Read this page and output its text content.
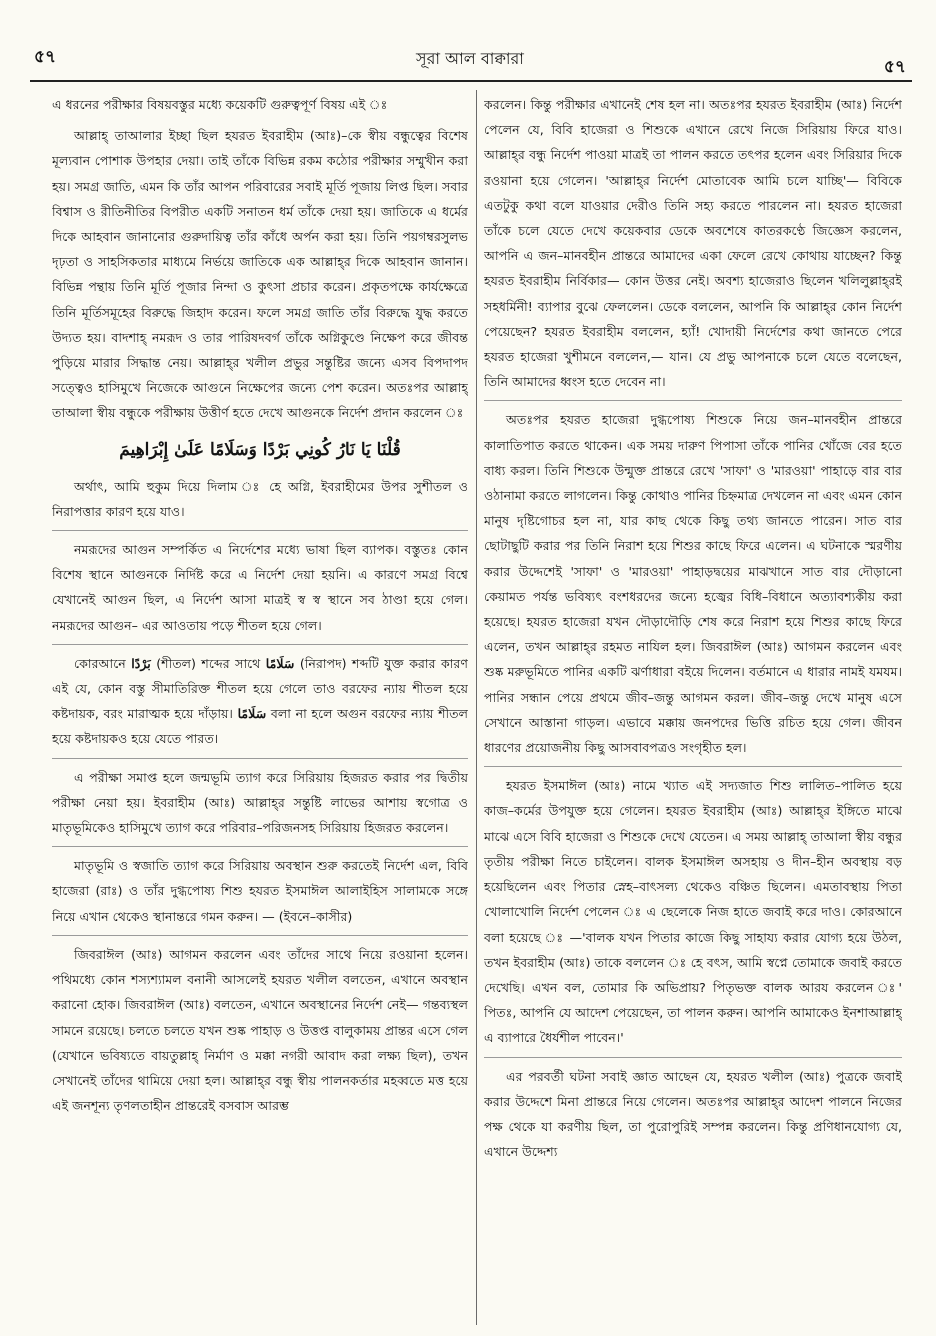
৫৭	সূরা আল বাক্বারা	৫৭

এ ধরনের পরীক্ষার বিষয়বস্তুর মধ্যে কয়েকটি গুরুত্বপূর্ণ বিষয় এই ঃ

আল্লাহ্‌ তাআলার ইচ্ছা ছিল হযরত ইবরাহীম (আঃ)–কে স্বীয় বন্ধুত্বের বিশেষ মূল্যবান পোশাক উপহার দেয়া। তাই তাঁকে বিভিন্ন রকম কঠোর পরীক্ষার সম্মুখীন করা হয়। সমগ্র জাতি, এমন কি তাঁর আপন পরিবারের সবাই মূর্তি পূজায় লিপ্ত ছিল। সবার বিশ্বাস ও রীতিনীতির বিপরীত একটি সনাতন ধর্ম তাঁকে দেয়া হয়। জাতিকে এ ধর্মের দিকে আহবান জানানোর গুরুদায়িত্ব তাঁর কাঁধে অর্পন করা হয়। তিনি পয়গম্বরসুলভ দৃঢ়তা ও সাহসিকতার মাধ্যমে নির্ভয়ে জাতিকে এক আল্লাহ্‌র দিকে আহবান জানান। বিভিন্ন পন্থায় তিনি মূর্তি পূজার নিন্দা ও কুৎসা প্রচার করেন। প্রকৃতপক্ষে কার্যক্ষেত্রে তিনি মূর্তিসমূহের বিরুদ্ধে জিহাদ করেন। ফলে সমগ্র জাতি তাঁর বিরুদ্ধে যুদ্ধ করতে উদ্যত হয়। বাদশাহ্‌ নমরূদ ও তার পারিষদবর্গ তাঁকে অগ্নিকুণ্ডে নিক্ষেপ করে জীবন্ত পুড়িয়ে মারার সিদ্ধান্ত নেয়। আল্লাহ্‌র খলীল প্রভুর সন্তুষ্টির জন্যে এসব বিপদাপদ সত্ত্বেও হাসিমুখে নিজেকে আগুনে নিক্ষেপের জন্যে পেশ করেন। অতঃপর আল্লাহ্‌ তাআলা স্বীয় বন্ধুকে পরীক্ষায় উত্তীর্ণ হতে দেখে আগুনকে নির্দেশ প্রদান করলেন ঃ

قُلْنَا يَا نَارُ كُونِي بَرْدًا وَسَلَامًا عَلَىٰ إِبْرَاهِيمَ

অর্থাৎ, আমি হুকুম দিয়ে দিলাম ঃ হে অগ্নি, ইবরাহীমের উপর সুশীতল ও নিরাপত্তার কারণ হয়ে যাও।

নমরূদের আগুন সম্পর্কিত এ নির্দেশের মধ্যে ভাষা ছিল ব্যাপক। বস্তুতঃ কোন বিশেষ স্থানে আগুনকে নির্দিষ্ট করে এ নির্দেশ দেয়া হয়নি। এ কারণে সমগ্র বিশ্বে যেখানেই আগুন ছিল, এ নির্দেশ আসা মাত্রই স্ব স্ব স্থানে সব ঠাণ্ডা হয়ে গেল। নমরূদের আগুন– এর আওতায় পড়ে শীতল হয়ে গেল।

কোরআনে بَرْدًا (শীতল) শব্দের সাথে سَلَامًا (নিরাপদ) শব্দটি যুক্ত করার কারণ এই যে, কোন বস্তু সীমাতিরিক্ত শীতল হয়ে গেলে তাও বরফের ন্যায় শীতল হয়ে কষ্টদায়ক, বরং মারাত্মক হয়ে দাঁড়ায়। سَلَامًا বলা না হলে অগুন বরফের ন্যায় শীতল হয়ে কষ্টদায়কও হয়ে যেতে পারত।

এ পরীক্ষা সমাপ্ত হলে জন্মভূমি ত্যাগ করে সিরিয়ায় হিজরত করার পর দ্বিতীয় পরীক্ষা নেয়া হয়। ইবরাহীম (আঃ) আল্লাহ্‌র সন্তুষ্টি লাভের আশায় স্বগোত্র ও মাতৃভূমিকেও হাসিমুখে ত্যাগ করে পরিবার–পরিজনসহ সিরিয়ায় হিজরত করলেন।

মাতৃভূমি ও স্বজাতি ত্যাগ করে সিরিয়ায় অবস্থান শুরু করতেই নির্দেশ এল, বিবি হাজেরা (রাঃ) ও তাঁর দুগ্ধপোষ্য শিশু হযরত ইসমাঈল আলাইহিস সালামকে সঙ্গে নিয়ে এখান থেকেও স্থানান্তরে গমন করুন। — (ইবনে–কাসীর)

জিবরাঈল (আঃ) আগমন করলেন এবং তাঁদের সাথে নিয়ে রওয়ানা হলেন। পথিমধ্যে কোন শস্যশ্যামল বনানী আসলেই হযরত খলীল বলতেন, এখানে অবস্থান করানো হোক। জিবরাঈল (আঃ) বলতেন, এখানে অবস্থানের নির্দেশ নেই— গন্তব্যস্থল সামনে রয়েছে। চলতে চলতে যখন শুষ্ক পাহাড় ও উত্তপ্ত বালুকাময় প্রান্তর এসে গেল (যেখানে ভবিষ্যতে বায়তুল্লাহ্‌ নির্মাণ ও মক্কা নগরী আবাদ করা লক্ষ্য ছিল), তখন সেখানেই তাঁদের থামিয়ে দেয়া হল। আল্লাহ্‌র বন্ধু স্বীয় পালনকর্তার মহব্বতে মত্ত হয়ে এই জনশূন্য তৃণলতাহীন প্রান্তরেই বসবাস আরম্ভ

করলেন। কিন্তু পরীক্ষার এখানেই শেষ হল না। অতঃপর হযরত ইবরাহীম (আঃ) নির্দেশ পেলেন যে, বিবি হাজেরা ও শিশুকে এখানে রেখে নিজে সিরিয়ায় ফিরে যাও। আল্লাহ্‌র বন্ধু নির্দেশ পাওয়া মাত্রই তা পালন করতে তৎপর হলেন এবং সিরিয়ার দিকে রওয়ানা হয়ে গেলেন। 'আল্লাহ্‌র নির্দেশ মোতাবেক আমি চলে যাচ্ছি'— বিবিকে এতটুকু কথা বলে যাওয়ার দেরীও তিনি সহ্য করতে পারলেন না। হযরত হাজেরা তাঁকে চলে যেতে দেখে কয়েকবার ডেকে অবশেষে কাতরকণ্ঠে জিজ্ঞেস করলেন, আপনি এ জন–মানবহীন প্রান্তরে আমাদের একা ফেলে রেখে কোথায় যাচ্ছেন? কিন্তু হযরত ইবরাহীম নির্বিকার— কোন উত্তর নেই। অবশ্য হাজেরাও ছিলেন খলিলুল্লাহ্‌রই সহধর্মিনী! ব্যাপার বুঝে ফেললেন। ডেকে বললেন, আপনি কি আল্লাহ্‌র কোন নির্দেশ পেয়েছেন? হযরত ইবরাহীম বললেন, হ্যাঁ! খোদায়ী নির্দেশের কথা জানতে পেরে হযরত হাজেরা খুশীমনে বললেন,— যান। যে প্রভু আপনাকে চলে যেতে বলেছেন, তিনি আমাদের ধ্বংস হতে দেবেন না।

অতঃপর হযরত হাজেরা দুগ্ধপোষ্য শিশুকে নিয়ে জন–মানবহীন প্রান্তরে কালাতিপাত করতে থাকেন। এক সময় দারুণ পিপাসা তাঁকে পানির খোঁজে বের হতে বাধ্য করল। তিনি শিশুকে উন্মুক্ত প্রান্তরে রেখে 'সাফা' ও 'মারওয়া' পাহাড়ে বার বার ওঠানামা করতে লাগলেন। কিন্তু কোথাও পানির চিহ্নমাত্র দেখলেন না এবং এমন কোন মানুষ দৃষ্টিগোচর হল না, যার কাছ থেকে কিছু তথ্য জানতে পারেন। সাত বার ছোটাছুটি করার পর তিনি নিরাশ হয়ে শিশুর কাছে ফিরে এলেন। এ ঘটনাকে স্মরণীয় করার উদ্দেশেই 'সাফা' ও 'মারওয়া' পাহাড়দ্বয়ের মাঝখানে সাত বার দৌড়ানো কেয়ামত পর্যন্ত ভবিষ্যৎ বংশধরদের জন্যে হজ্বের বিধি–বিধানে অত্যাবশ্যকীয় করা হয়েছে। হযরত হাজেরা যখন দৌড়াদৌড়ি শেষ করে নিরাশ হয়ে শিশুর কাছে ফিরে এলেন, তখন আল্লাহ্‌র রহমত নাযিল হল। জিবরাঈল (আঃ) আগমন করলেন এবং শুষ্ক মরুভূমিতে পানির একটি ঝর্ণাধারা বইয়ে দিলেন। বর্তমানে এ ধারার নামই যমযম। পানির সন্ধান পেয়ে প্রথমে জীব–জন্তু আগমন করল। জীব–জন্তু দেখে মানুষ এসে সেখানে আস্তানা গাড়ল। এভাবে মক্কায় জনপদের ভিত্তি রচিত হয়ে গেল। জীবন ধারণের প্রয়োজনীয় কিছু আসবাবপত্রও সংগৃহীত হল।

হযরত ইসমাঈল (আঃ) নামে খ্যাত এই সদ্যজাত শিশু লালিত–পালিত হয়ে কাজ–কর্মের উপযুক্ত হয়ে গেলেন। হযরত ইবরাহীম (আঃ) আল্লাহ্‌র ইঙ্গিতে মাঝে মাঝে এসে বিবি হাজেরা ও শিশুকে দেখে যেতেন। এ সময় আল্লাহ্‌ তাআলা স্বীয় বন্ধুর তৃতীয় পরীক্ষা নিতে চাইলেন। বালক ইসমাঈল অসহায় ও দীন–হীন অবস্থায় বড় হয়েছিলেন এবং পিতার স্নেহ–বাৎসল্য থেকেও বঞ্চিত ছিলেন। এমতাবস্থায় পিতা খোলাখোলি নির্দেশ পেলেন ঃ এ ছেলেকে নিজ হাতে জবাই করে দাও। কোরআনে বলা হয়েছে ঃ —'বালক যখন পিতার কাজে কিছু সাহায্য করার যোগ্য হয়ে উঠল, তখন ইবরাহীম (আঃ) তাকে বললেন ঃ হে বৎস, আমি স্বপ্নে তোমাকে জবাই করতে দেখেছি। এখন বল, তোমার কি অভিপ্রায়? পিতৃভক্ত বালক আরয করলেন ঃ' পিতঃ, আপনি যে আদেশ পেয়েছেন, তা পালন করুন। আপনি আমাকেও ইনশাআল্লাহ্‌ এ ব্যাপারে ধৈর্যশীল পাবেন।'

এর পরবর্তী ঘটনা সবাই জ্ঞাত আছেন যে, হযরত খলীল (আঃ) পুত্রকে জবাই করার উদ্দেশে মিনা প্রান্তরে নিয়ে গেলেন। অতঃপর আল্লাহ্‌র আদেশ পালনে নিজের পক্ষ থেকে যা করণীয় ছিল, তা পুরোপুরিই সম্পন্ন করলেন। কিন্তু প্রণিধানযোগ্য যে, এখানে উদ্দেশ্য
